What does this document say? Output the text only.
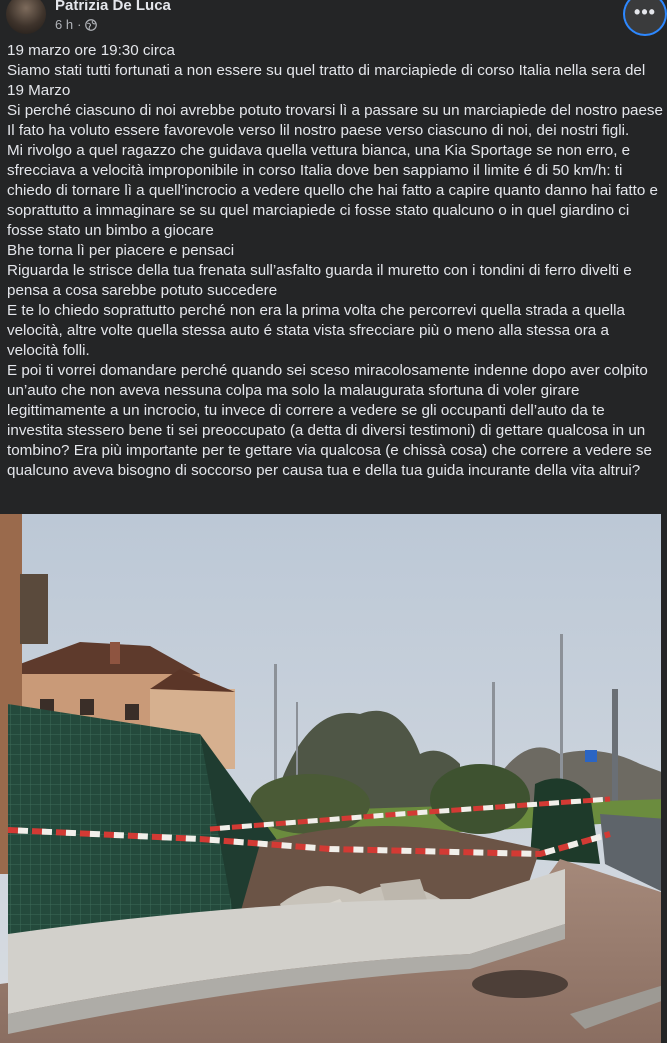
Patrizia De Luca
6 h ·
•••

19 marzo ore 19:30 circa

Siamo stati tutti fortunati a non essere su quel tratto di marciapiede di corso Italia nella sera del 19 Marzo

Si perché ciascuno di noi avrebbe potuto trovarsi lì a passare su un marciapiede del nostro paese

Il fato ha voluto essere favorevole verso lil nostro paese verso ciascuno di noi, dei nostri figli.

Mi rivolgo a quel ragazzo che guidava quella vettura bianca, una Kia Sportage se non erro, e sfrecciava a velocità improponibile in corso Italia dove ben sappiamo il limite é di 50 km/h: ti chiedo di tornare lì a quell’incrocio a vedere quello che hai fatto a capire quanto danno hai fatto e soprattutto a immaginare se su quel marciapiede ci fosse stato qualcuno o in quel giardino ci fosse stato un bimbo a giocare

Bhe torna lì per piacere e pensaci

Riguarda le strisce della tua frenata sull’asfalto guarda il muretto con i tondini di ferro divelti e pensa a cosa sarebbe potuto succedere

E te lo chiedo soprattutto perché non era la prima volta che percorrevi quella strada a quella velocità, altre volte quella stessa auto é stata vista sfrecciare più o meno alla stessa ora a velocità folli.

E poi ti vorrei domandare perché quando sei sceso miracolosamente indenne dopo aver colpito un’auto che non aveva nessuna colpa ma solo la malaugurata sfortuna di voler girare legittimamente a un incrocio, tu invece di correre a vedere se gli occupanti dell’auto da te investita stessero bene ti sei preoccupato (a detta di diversi testimoni) di gettare qualcosa in un tombino? Era più importante per te gettare via qualcosa (e chissà cosa) che correre a vedere se qualcuno aveva bisogno di soccorso per causa tua e della tua guida incurante della vita altrui?
